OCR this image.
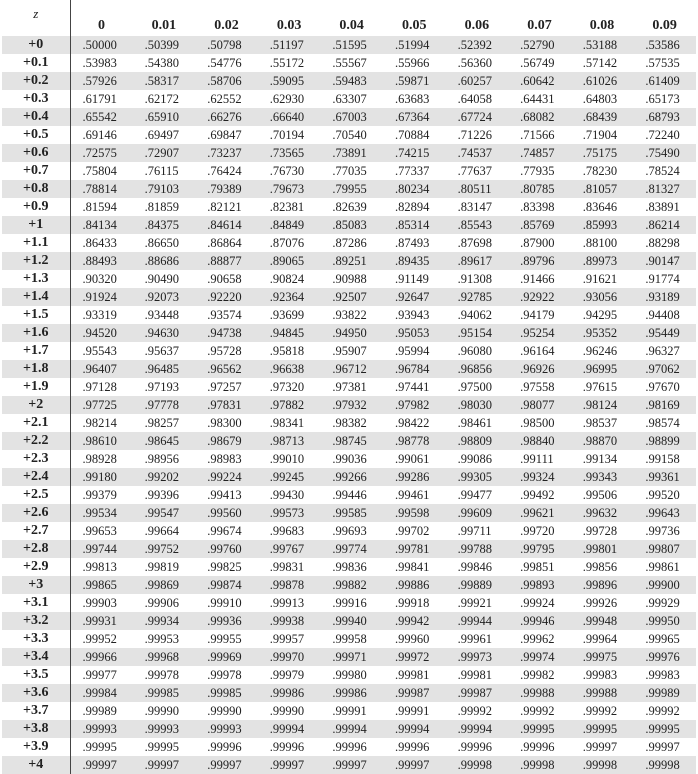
z	0	0.01	0.02	0.03	0.04	0.05	0.06	0.07	0.08	0.09
+0	.50000	.50399	.50798	.51197	.51595	.51994	.52392	.52790	.53188	.53586
+0.1	.53983	.54380	.54776	.55172	.55567	.55966	.56360	.56749	.57142	.57535
+0.2	.57926	.58317	.58706	.59095	.59483	.59871	.60257	.60642	.61026	.61409
+0.3	.61791	.62172	.62552	.62930	.63307	.63683	.64058	.64431	.64803	.65173
+0.4	.65542	.65910	.66276	.66640	.67003	.67364	.67724	.68082	.68439	.68793
+0.5	.69146	.69497	.69847	.70194	.70540	.70884	.71226	.71566	.71904	.72240
+0.6	.72575	.72907	.73237	.73565	.73891	.74215	.74537	.74857	.75175	.75490
+0.7	.75804	.76115	.76424	.76730	.77035	.77337	.77637	.77935	.78230	.78524
+0.8	.78814	.79103	.79389	.79673	.79955	.80234	.80511	.80785	.81057	.81327
+0.9	.81594	.81859	.82121	.82381	.82639	.82894	.83147	.83398	.83646	.83891
+1	.84134	.84375	.84614	.84849	.85083	.85314	.85543	.85769	.85993	.86214
+1.1	.86433	.86650	.86864	.87076	.87286	.87493	.87698	.87900	.88100	.88298
+1.2	.88493	.88686	.88877	.89065	.89251	.89435	.89617	.89796	.89973	.90147
+1.3	.90320	.90490	.90658	.90824	.90988	.91149	.91308	.91466	.91621	.91774
+1.4	.91924	.92073	.92220	.92364	.92507	.92647	.92785	.92922	.93056	.93189
+1.5	.93319	.93448	.93574	.93699	.93822	.93943	.94062	.94179	.94295	.94408
+1.6	.94520	.94630	.94738	.94845	.94950	.95053	.95154	.95254	.95352	.95449
+1.7	.95543	.95637	.95728	.95818	.95907	.95994	.96080	.96164	.96246	.96327
+1.8	.96407	.96485	.96562	.96638	.96712	.96784	.96856	.96926	.96995	.97062
+1.9	.97128	.97193	.97257	.97320	.97381	.97441	.97500	.97558	.97615	.97670
+2	.97725	.97778	.97831	.97882	.97932	.97982	.98030	.98077	.98124	.98169
+2.1	.98214	.98257	.98300	.98341	.98382	.98422	.98461	.98500	.98537	.98574
+2.2	.98610	.98645	.98679	.98713	.98745	.98778	.98809	.98840	.98870	.98899
+2.3	.98928	.98956	.98983	.99010	.99036	.99061	.99086	.99111	.99134	.99158
+2.4	.99180	.99202	.99224	.99245	.99266	.99286	.99305	.99324	.99343	.99361
+2.5	.99379	.99396	.99413	.99430	.99446	.99461	.99477	.99492	.99506	.99520
+2.6	.99534	.99547	.99560	.99573	.99585	.99598	.99609	.99621	.99632	.99643
+2.7	.99653	.99664	.99674	.99683	.99693	.99702	.99711	.99720	.99728	.99736
+2.8	.99744	.99752	.99760	.99767	.99774	.99781	.99788	.99795	.99801	.99807
+2.9	.99813	.99819	.99825	.99831	.99836	.99841	.99846	.99851	.99856	.99861
+3	.99865	.99869	.99874	.99878	.99882	.99886	.99889	.99893	.99896	.99900
+3.1	.99903	.99906	.99910	.99913	.99916	.99918	.99921	.99924	.99926	.99929
+3.2	.99931	.99934	.99936	.99938	.99940	.99942	.99944	.99946	.99948	.99950
+3.3	.99952	.99953	.99955	.99957	.99958	.99960	.99961	.99962	.99964	.99965
+3.4	.99966	.99968	.99969	.99970	.99971	.99972	.99973	.99974	.99975	.99976
+3.5	.99977	.99978	.99978	.99979	.99980	.99981	.99981	.99982	.99983	.99983
+3.6	.99984	.99985	.99985	.99986	.99986	.99987	.99987	.99988	.99988	.99989
+3.7	.99989	.99990	.99990	.99990	.99991	.99991	.99992	.99992	.99992	.99992
+3.8	.99993	.99993	.99993	.99994	.99994	.99994	.99994	.99995	.99995	.99995
+3.9	.99995	.99995	.99996	.99996	.99996	.99996	.99996	.99996	.99997	.99997
+4	.99997	.99997	.99997	.99997	.99997	.99997	.99998	.99998	.99998	.99998
